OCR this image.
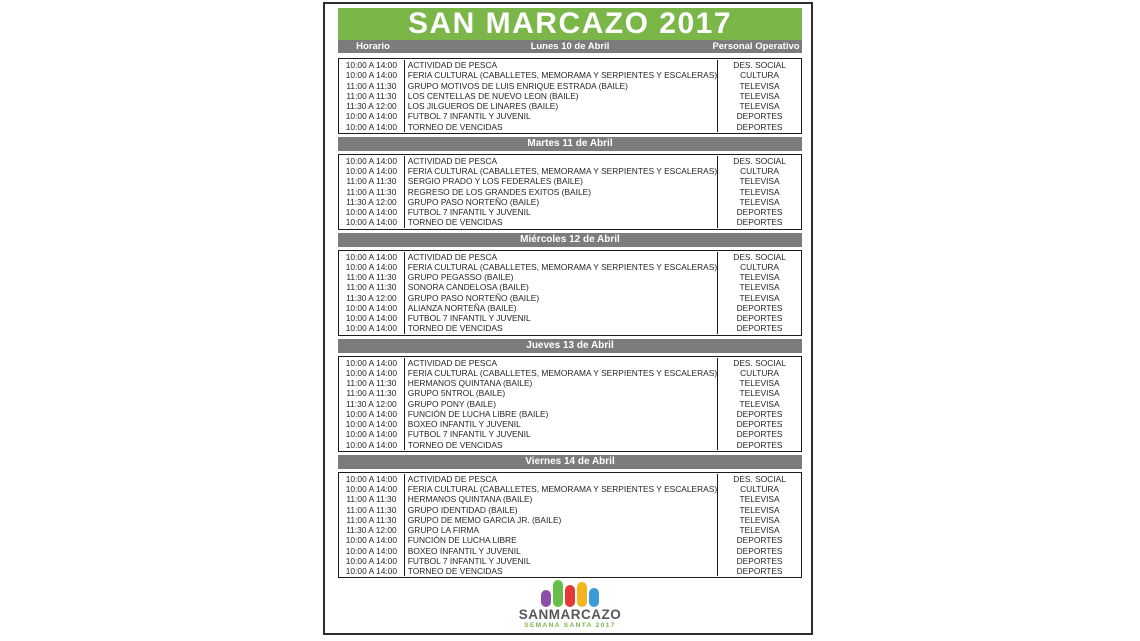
SAN MARCAZO 2017
Horario	Lunes 10 de Abril	Personal Operativo
10:00 A 14:00
10:00 A 14:00
11:00 A 11:30
11:00 A 11:30
11:30 A 12:00
10:00 A 14:00
10:00 A 14:00
ACTIVIDAD DE PESCA
FERIA CULTURAL (CABALLETES, MEMORAMA Y SERPIENTES Y ESCALERAS)
GRUPO MOTIVOS DE LUIS ENRIQUE ESTRADA (BAILE)
LOS CENTELLAS DE NUEVO LEON (BAILE)
LOS JILGUEROS DE LINARES (BAILE)
FUTBOL 7 INFANTIL Y JUVENIL
TORNEO DE VENCIDAS
DES. SOCIAL
CULTURA
TELEVISA
TELEVISA
TELEVISA
DEPORTES
DEPORTES
Martes 11 de Abril
10:00 A 14:00
10:00 A 14:00
11:00 A 11:30
11:00 A 11:30
11:30 A 12:00
10:00 A 14:00
10:00 A 14:00
ACTIVIDAD DE PESCA
FERIA CULTURAL (CABALLETES, MEMORAMA Y SERPIENTES Y ESCALERAS)
SERGIO PRADO Y LOS FEDERALES (BAILE)
REGRESO DE LOS GRANDES EXITOS (BAILE)
GRUPO PASO NORTEÑO (BAILE)
FUTBOL 7 INFANTIL Y JUVENIL
TORNEO DE VENCIDAS
DES. SOCIAL
CULTURA
TELEVISA
TELEVISA
TELEVISA
DEPORTES
DEPORTES
Miércoles 12 de Abril
10:00 A 14:00
10:00 A 14:00
11:00 A 11:30
11:00 A 11:30
11:30 A 12:00
10:00 A 14:00
10:00 A 14:00
10:00 A 14:00
ACTIVIDAD DE PESCA
FERIA CULTURAL (CABALLETES, MEMORAMA Y SERPIENTES Y ESCALERAS)
GRUPO PEGASSO (BAILE)
SONORA CANDELOSA (BAILE)
GRUPO PASO NORTEÑO (BAILE)
ALIANZA NORTEÑA (BAILE)
FUTBOL 7 INFANTIL Y JUVENIL
TORNEO DE VENCIDAS
DES. SOCIAL
CULTURA
TELEVISA
TELEVISA
TELEVISA
DEPORTES
DEPORTES
DEPORTES
Jueves 13 de Abril
10:00 A 14:00
10:00 A 14:00
11:00 A 11:30
11:00 A 11:30
11:30 A 12:00
10:00 A 14:00
10:00 A 14:00
10:00 A 14:00
10:00 A 14:00
ACTIVIDAD DE PESCA
FERIA CULTURAL (CABALLETES, MEMORAMA Y SERPIENTES Y ESCALERAS)
HERMANOS QUINTANA (BAILE)
GRUPO 5NTROL (BAILE)
GRUPO PONY (BAILE)
FUNCIÓN DE LUCHA LIBRE (BAILE)
BOXEO INFANTIL Y JUVENIL
FUTBOL 7 INFANTIL Y JUVENIL
TORNEO DE VENCIDAS
DES. SOCIAL
CULTURA
TELEVISA
TELEVISA
TELEVISA
DEPORTES
DEPORTES
DEPORTES
DEPORTES
Viernes 14 de Abril
10:00 A 14:00
10:00 A 14:00
11:00 A 11:30
11:00 A 11:30
11:00 A 11:30
11:30 A 12:00
10:00 A 14:00
10:00 A 14:00
10:00 A 14:00
10:00 A 14:00
ACTIVIDAD DE PESCA
FERIA CULTURAL (CABALLETES, MEMORAMA Y SERPIENTES Y ESCALERAS)
HERMANOS QUINTANA (BAILE)
GRUPO IDENTIDAD (BAILE)
GRUPO DE MEMO GARCIA JR. (BAILE)
GRUPO LA FIRMA
FUNCIÓN DE LUCHA LIBRE
BOXEO INFANTIL Y JUVENIL
FUTBOL 7 INFANTIL Y JUVENIL
TORNEO DE VENCIDAS
DES. SOCIAL
CULTURA
TELEVISA
TELEVISA
TELEVISA
TELEVISA
DEPORTES
DEPORTES
DEPORTES
DEPORTES
SANMARCAZO
SEMANA SANTA 2017
